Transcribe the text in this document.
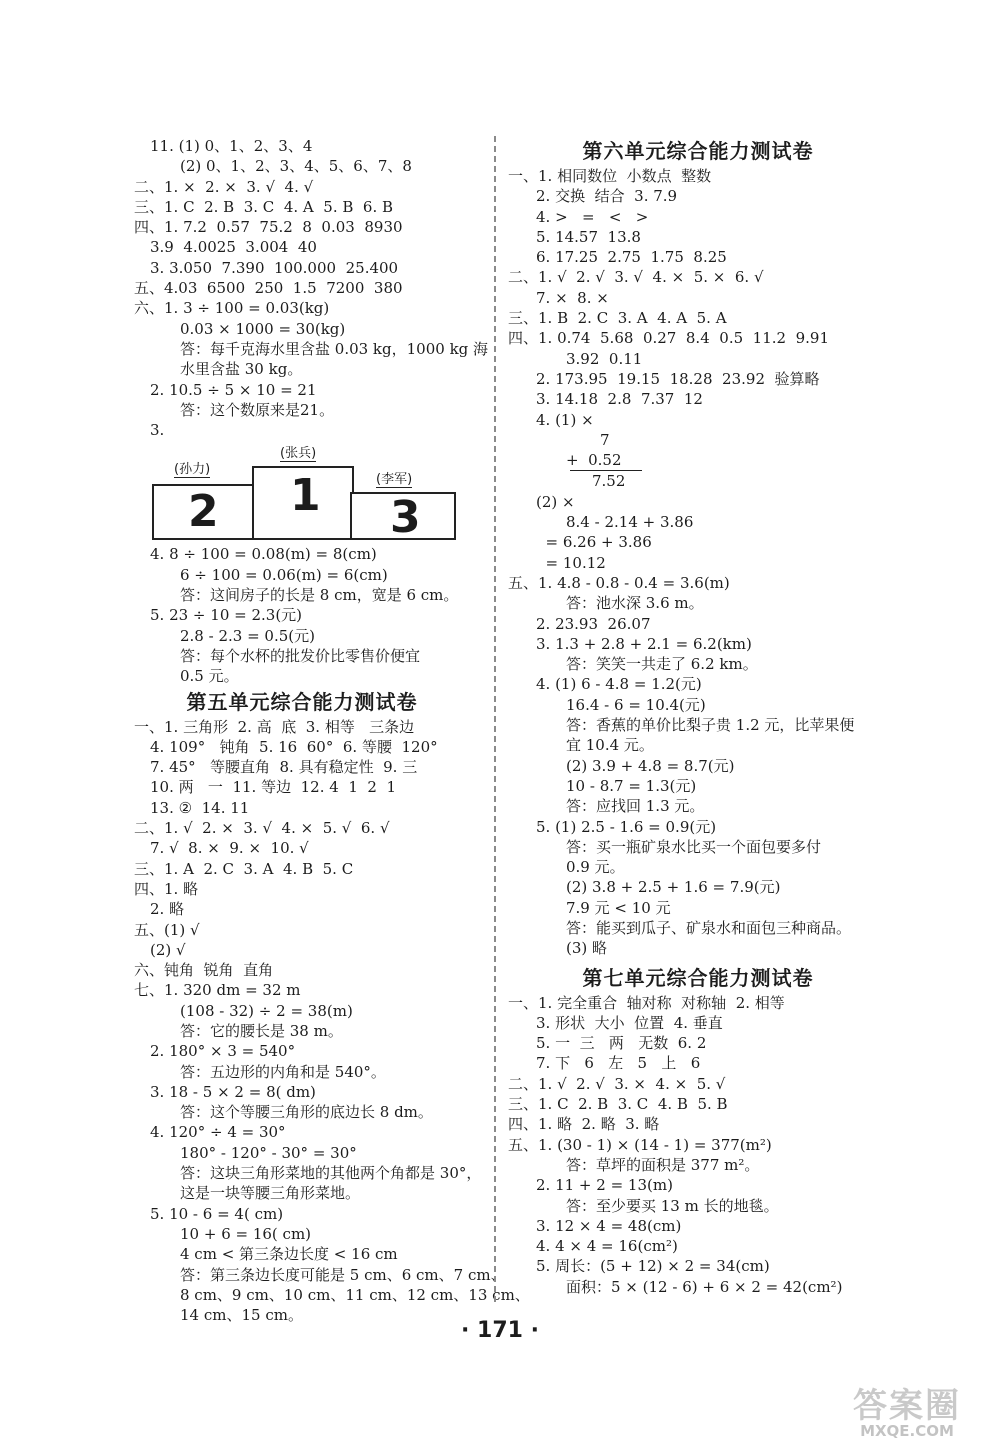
11. (1) 0、1、2、3、4
(2) 0、1、2、3、4、5、6、7、8
二、1. ×  2. ×  3. √  4. √
三、1. C  2. B  3. C  4. A  5. B  6. B
四、1. 7.2  0.57  75.2  8  0.03  8930
3.9  4.0025  3.004  40
3. 3.050  7.390  100.000  25.400
五、4.03  6500  250  1.5  7200  380
六、1. 3 ÷ 100 = 0.03(kg)
0.03 × 1000 = 30(kg)
答：每千克海水里含盐 0.03 kg，1000 kg 海
水里含盐 30 kg。
2. 10.5 ÷ 5 × 10 = 21
答：这个数原来是21。
3.
(孙力)
(张兵)
(李军)
2 1 3
4. 8 ÷ 100 = 0.08(m) = 8(cm)
6 ÷ 100 = 0.06(m) = 6(cm)
答：这间房子的长是 8 cm，宽是 6 cm。
5. 23 ÷ 10 = 2.3(元)
2.8 - 2.3 = 0.5(元)
答：每个水杯的批发价比零售价便宜
0.5 元。
第五单元综合能力测试卷
一、1. 三角形  2. 高  底  3. 相等   三条边
4. 109°   钝角  5. 16  60°  6. 等腰  120°
7. 45°   等腰直角  8. 具有稳定性  9. 三
10. 两   一  11. 等边  12. 4  1  2  1
13. ②  14. 11
二、1. √  2. ×  3. √  4. ×  5. √  6. √
7. √  8. ×  9. ×  10. √
三、1. A  2. C  3. A  4. B  5. C
四、1. 略
2. 略
五、(1) √
(2) √
六、钝角  锐角  直角
七、1. 320 dm = 32 m
(108 - 32) ÷ 2 = 38(m)
答：它的腰长是 38 m。
2. 180° × 3 = 540°
答：五边形的内角和是 540°。
3. 18 - 5 × 2 = 8( dm)
答：这个等腰三角形的底边长 8 dm。
4. 120° ÷ 4 = 30°
180° - 120° - 30° = 30°
答：这块三角形菜地的其他两个角都是 30°，
这是一块等腰三角形菜地。
5. 10 - 6 = 4( cm)
10 + 6 = 16( cm)
4 cm < 第三条边长度 < 16 cm
答：第三条边长度可能是 5 cm、6 cm、7 cm、
8 cm、9 cm、10 cm、11 cm、12 cm、13 cm、
14 cm、15 cm。
第六单元综合能力测试卷
一、1. 相同数位  小数点  整数
2. 交换  结合  3. 7.9
4. >   =   <   >
5. 14.57  13.8
6. 17.25  2.75  1.75  8.25
二、1. √  2. √  3. √  4. ×  5. ×  6. √
7. ×  8. ×
三、1. B  2. C  3. A  4. A  5. A
四、1. 0.74  5.68  0.27  8.4  0.5  11.2  9.91
3.92  0.11
2. 173.95  19.15  18.28  23.92  验算略
3. 14.18  2.8  7.37  12
4. (1) ×
7
+  0.52
7.52
(2) ×
8.4 - 2.14 + 3.86
= 6.26 + 3.86
= 10.12
五、1. 4.8 - 0.8 - 0.4 = 3.6(m)
答：池水深 3.6 m。
2. 23.93  26.07
3. 1.3 + 2.8 + 2.1 = 6.2(km)
答：笑笑一共走了 6.2 km。
4. (1) 6 - 4.8 = 1.2(元)
16.4 - 6 = 10.4(元)
答：香蕉的单价比梨子贵 1.2 元，比苹果便
宜 10.4 元。
(2) 3.9 + 4.8 = 8.7(元)
10 - 8.7 = 1.3(元)
答：应找回 1.3 元。
5. (1) 2.5 - 1.6 = 0.9(元)
答：买一瓶矿泉水比买一个面包要多付
0.9 元。
(2) 3.8 + 2.5 + 1.6 = 7.9(元)
7.9 元 < 10 元
答：能买到瓜子、矿泉水和面包三种商品。
(3) 略
第七单元综合能力测试卷
一、1. 完全重合  轴对称  对称轴  2. 相等
3. 形状  大小  位置  4. 垂直
5. 一  三   两   无数  6. 2
7. 下   6   左   5   上   6
二、1. √  2. √  3. ×  4. ×  5. √
三、1. C  2. B  3. C  4. B  5. B
四、1. 略  2. 略  3. 略
五、1. (30 - 1) × (14 - 1) = 377(m²)
答：草坪的面积是 377 m²。
2. 11 + 2 = 13(m)
答：至少要买 13 m 长的地毯。
3. 12 × 4 = 48(cm)
4. 4 × 4 = 16(cm²)
5. 周长：(5 + 12) × 2 = 34(cm)
面积：5 × (12 - 6) + 6 × 2 = 42(cm²)
· 171 ·
答案圈
MXQE.COM
